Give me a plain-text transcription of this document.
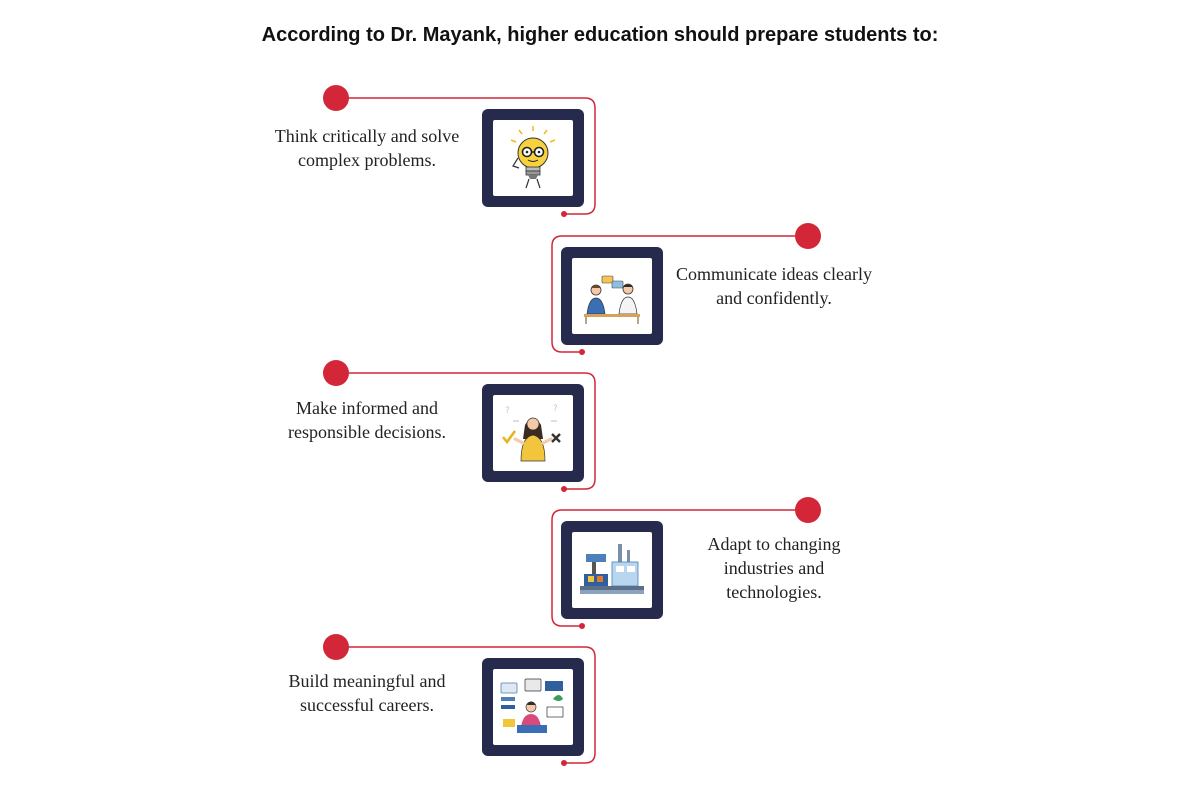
According to Dr. Mayank, higher education should prepare students to:
Think critically and solve complex problems.
Communicate ideas clearly and confidently.
Make informed and responsible decisions.
?	?
Adapt to changing industries and technologies.
Build meaningful and successful careers.
